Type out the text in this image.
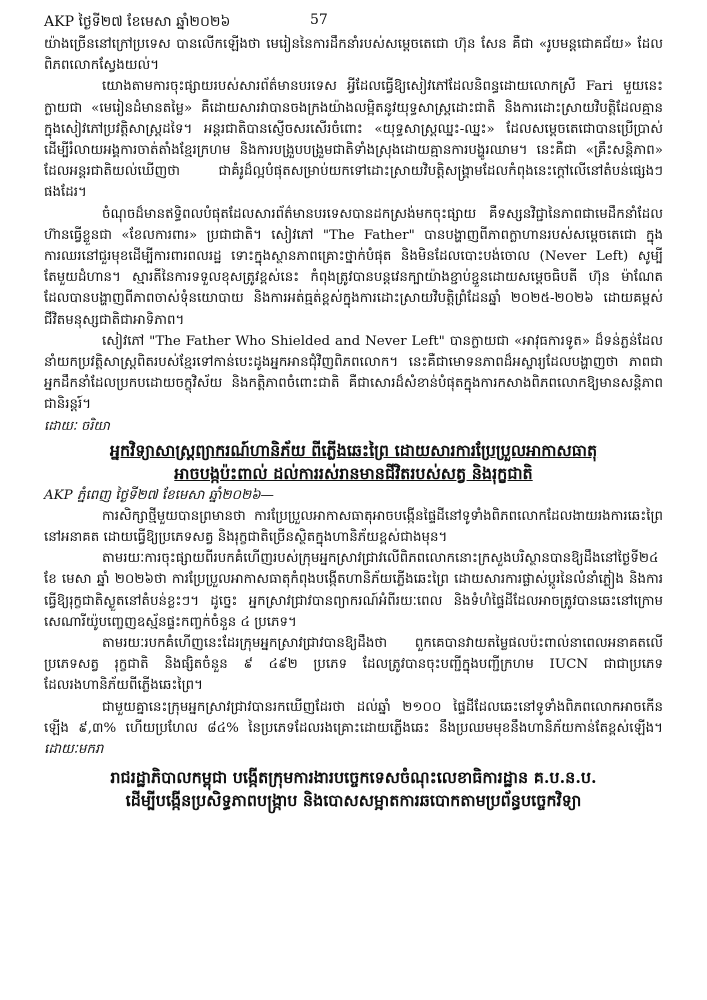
AKP ថ្ងៃទី២៧ ខែមេសា ឆ្នាំ២០២៦	57

យ៉ាងច្រើននៅក្រៅប្រទេស បានលើកឡើងថា មេរៀននៃការដឹកនាំរបស់សម្ដេចតេជោ ហ៊ុន សែន គឺជា «រូបមន្តជោគជ័យ» ដែលពិភពលោកស្វែងយល់។

យោងតាមការចុះផ្សាយរបស់សារព័ត៌មានបរទេស អ្វីដែលធ្វើឱ្យសៀវភៅដែលនិពន្ធដោយលោកស្រី Fari មួយនេះ ក្លាយជា «មេរៀនដំមានតម្លៃ» គឺដោយសារវាបានចងក្រងយ៉ាងលម្អិតនូវយុទ្ធសាស្ត្រដោះជាតិ និងការដោះស្រាយវិបត្តិដែលគ្មានក្នុងសៀវភៅប្រវត្តិសាស្ត្រដទៃ។ អន្តរជាតិបានស្ញើចសរសើរចំពោះ «យុទ្ធសាស្ត្រឈ្នះ-ឈ្នះ» ដែលសម្ដេចតេជោបានប្រើប្រាស់ដើម្បីរំលាយអង្គការចាត់តាំងខ្មែរក្រហម និងការបង្រួបបង្រួមជាតិទាំងស្រុងដោយគ្មានការបង្ហូរឈាម។ នេះគឺជា «គ្រឹះសន្តិភាព» ដែលអន្តរជាតិយល់ឃើញថា ជាគំរូដ៏ល្អបំផុតសម្រាប់យកទៅដោះស្រាយវិបត្តិសង្គ្រាមដែលកំពុងនេះក្ដៅលើនៅតំបន់ផ្សេងៗផងដែរ។

ចំណុចដ៏មានឥទ្ធិពលបំផុតដែលសារព័ត៌មានបរទេសបានដកស្រង់មកចុះផ្សាយ គឺទស្សនវិជ្ជានៃភាពជាមេដឹកនាំដែលហ៊ានធ្វើខ្លួនជា «ខែលការពារ» ប្រជាជាតិ។ សៀវភៅ "The Father" បានបង្ហាញពីភាពក្លាហានរបស់សម្ដេចតេជោ ក្នុងការឈរនៅជួរមុខដើម្បីការពារពលរដ្ឋ ទោះក្នុងស្ថានភាពគ្រោះថ្នាក់បំផុត និងមិនដែលបោះបង់ចោល (Never Left) សូម្បីតែមួយដំហាន។ ស្មារតីនៃការទទួលខុសត្រូវខ្ពស់នេះ កំពុងត្រូវបានបន្តវេនក្បាយ៉ាងខ្ជាប់ខ្ជួនដោយសម្ដេចធិបតី ហ៊ុន ម៉ាណែត ដែលបានបង្ហាញពីភាពចាស់ទុំនយោបាយ និងការអត់ធ្មត់ខ្ពស់ក្នុងការដោះស្រាយវិបត្តិព្រំដែនឆ្នាំ ២០២៥-២០២៦ ដោយគម្ពស់ជីវិតមនុស្សជាតិជាអាទិភាព។

សៀវភៅ "The Father Who Shielded and Never Left" បានក្លាយជា «អាវុធការទូត» ដ៏ទន់ភ្លន់ដែលនាំយកប្រវត្តិសាស្ត្រពិតរបស់ខ្មែរទៅកាន់បេះដូងអ្នកអានជុំវិញពិភពលោក។ នេះគឺជាមោទនភាពដ៏អស្ចារ្យដែលបង្ហាញថា ភាពជាអ្នកដឹកនាំដែលប្រកបដោយចក្ខុវិស័យ និងកត្តិភាពចំពោះជាតិ គឺជាសោរដ៏សំខាន់បំផុតក្នុងការកសាងពិភពលោកឱ្យមានសន្តិភាពជានិរន្តរ៍។

ដោយៈ ចរិយា
អ្នកវិទ្យាសាស្ត្រព្យាករណ៍ហានិភ័យ ពីភ្លើងឆេះព្រៃ ដោយសារការប្រែប្រួលអាកាសធាតុ
អាចបង្កប៉ះពាល់ ដល់ការរស់រានមានជីវិតរបស់សត្វ និងរុក្ខជាតិ
AKP ភ្នំពេញ ថ្ងៃទី២៧ ខែមេសា ឆ្នាំ២០២៦—

ការសិក្សាថ្មីមួយបានព្រមានថា ការប្រែប្រួលអាកាសធាតុអាចបង្កើនផ្ទៃដីនៅទូទាំងពិភពលោកដែលងាយរងការឆេះព្រៃនៅអនាគត ដោយធ្វើឱ្យប្រភេទសត្វ និងរុក្ខជាតិច្រើនស្ថិតក្នុងហានិភ័យខ្ពស់ជាងមុន។

តាមរយៈការចុះផ្សាយពីរបកគំហើញរបស់ក្រុមអ្នកស្រាវជ្រាវលើពិភពលោកនោះក្រសួងបរិស្ថានបានឱ្យដឹងនៅថ្ងៃទី២៤ ខែ មេសា ឆ្នាំ ២០២៦ថា ការប្រែប្រួលអាកាសធាតុកំពុងបង្កើតហានិភ័យភ្លើងឆេះព្រៃ ដោយសារការផ្លាស់ប្ដូរនៃលំនាំភ្លៀង និងការធ្វើឱ្យរុក្ខជាតិស្ងួតនៅតំបន់ខ្លះៗ។ ដូច្នេះ អ្នកស្រាវជ្រាវបានព្យាករណ៍អំពីរយៈពេល និងទំហំផ្ទៃដីដែលអាចត្រូវបានឆេះនៅក្រោមសេណារីយ៉ូបញ្ចេញឧស្ម័នផ្ទះកញ្ចក់ចំនួន ៤ ប្រភេទ។

តាមរយៈរបកគំហើញនេះដែរក្រុមអ្នកស្រាវជ្រាវបានឱ្យដឹងថា ពួកគេបានវាយតម្លៃផលប៉ះពាល់នាពេលអនាគតលើប្រភេទសត្វ រុក្ខជាតិ និងផ្សិតចំនួន ៩ ៤៩២ ប្រភេទ ដែលត្រូវបានចុះបញ្ជីក្នុងបញ្ជីក្រហម IUCN ជាជាប្រភេទដែលរងហានិភ័យពីភ្លើងឆេះព្រៃ។

ជាមួយគ្នានេះក្រុមអ្នកស្រាវជ្រាវបានរកឃើញដែរថា ដល់ឆ្នាំ ២១០០ ផ្ទៃដីដែលឆេះនៅទូទាំងពិភពលោកអាចកើនឡើង ៩,៣% ហើយប្រហែល ៨៤% នៃប្រភេទដែលរងគ្រោះដោយភ្លើងឆេះ នឹងប្រឈមមុខនឹងហានិភ័យកាន់តែខ្ពស់ឡើង។ ដោយៈមករា

រាជរដ្ឋាភិបាលកម្ពុជា បង្កើតក្រុមការងារបច្ចេកទេសចំណុះលេខាធិការដ្ឋាន គ.ប.ន.ប.
ដើម្បីបង្កើនប្រសិទ្ធភាពបង្ក្រាប និងបោសសម្អាតការឆបោកតាមប្រព័ន្ធបច្ចេកវិទ្យា
